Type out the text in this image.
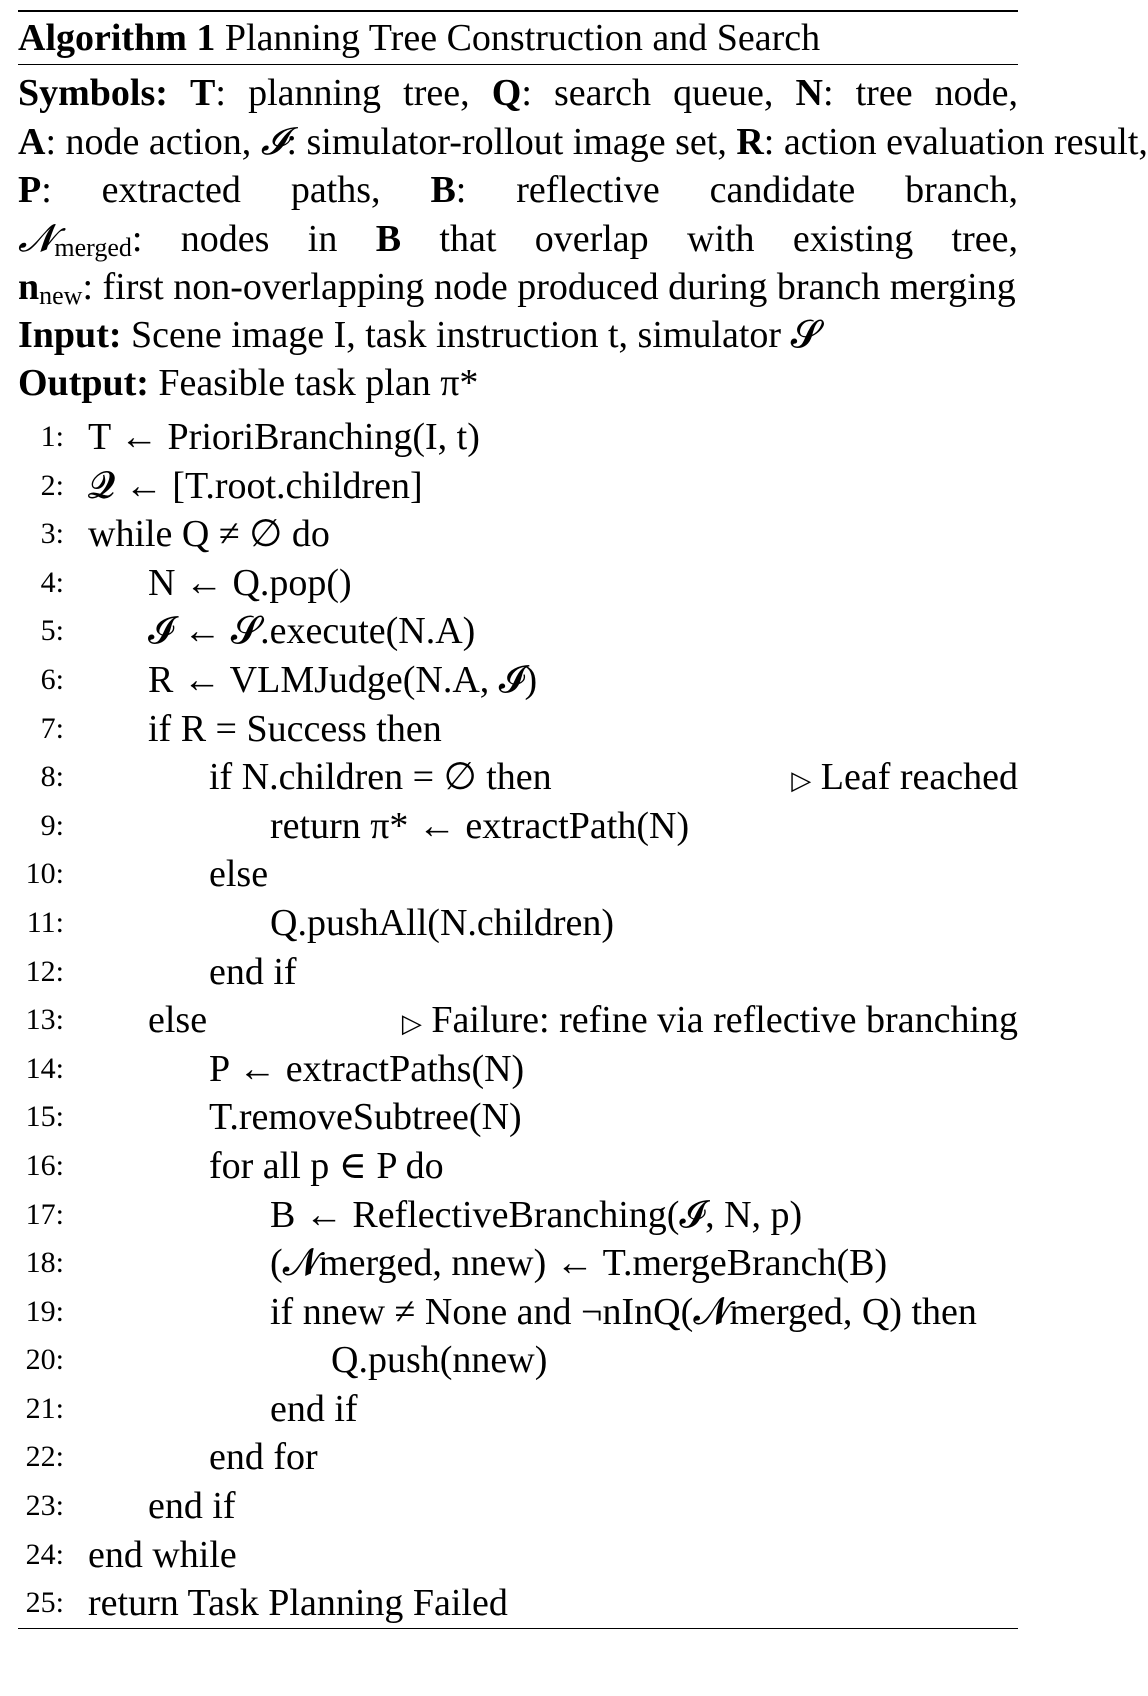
Algorithm 1 Planning Tree Construction and Search
Symbols: T: planning tree, Q: search queue, N: tree node,
A: node action, 𝓘: simulator-rollout image set, R: action evaluation result,
P: extracted paths, B: reflective candidate branch,
𝓝$_{merged}$: nodes in B that overlap with existing tree,
$n_{new}$: first non-overlapping node produced during branch merging
Input: Scene image I, task instruction t, simulator 𝓢
Output: Feasible task plan π*
1: T ← PrioriBranching(I, t)
2: 𝓠 ← [T.root.children]
3: while Q ≠ ∅ do
4: N ← Q.pop()
5: 𝓘 ← 𝓢.execute(N.A)
6: R ← VLMJudge(N.A, 𝓘)
7: if R = Success then
8:	if N.children = ∅ then	▷ Leaf reached
9:	return π* ← extractPath(N)
10:	else
11:	Q.pushAll(N.children)
12:	end if
13: else	▷ Failure: refine via reflective branching
14:	P ← extractPaths(N)
15:	T.removeSubtree(N)
16:	for all p ∈ P do
17:	B ← ReflectiveBranching(𝓘, N, p)
18:	(𝓝merged, nnew) ← T.mergeBranch(B)
19:	if nnew ≠ None and ¬nInQ(𝓝merged, Q) then
20:	Q.push(nnew)
21:	end if
22:	end for
23: end if
24: end while
25: return Task Planning Failed
